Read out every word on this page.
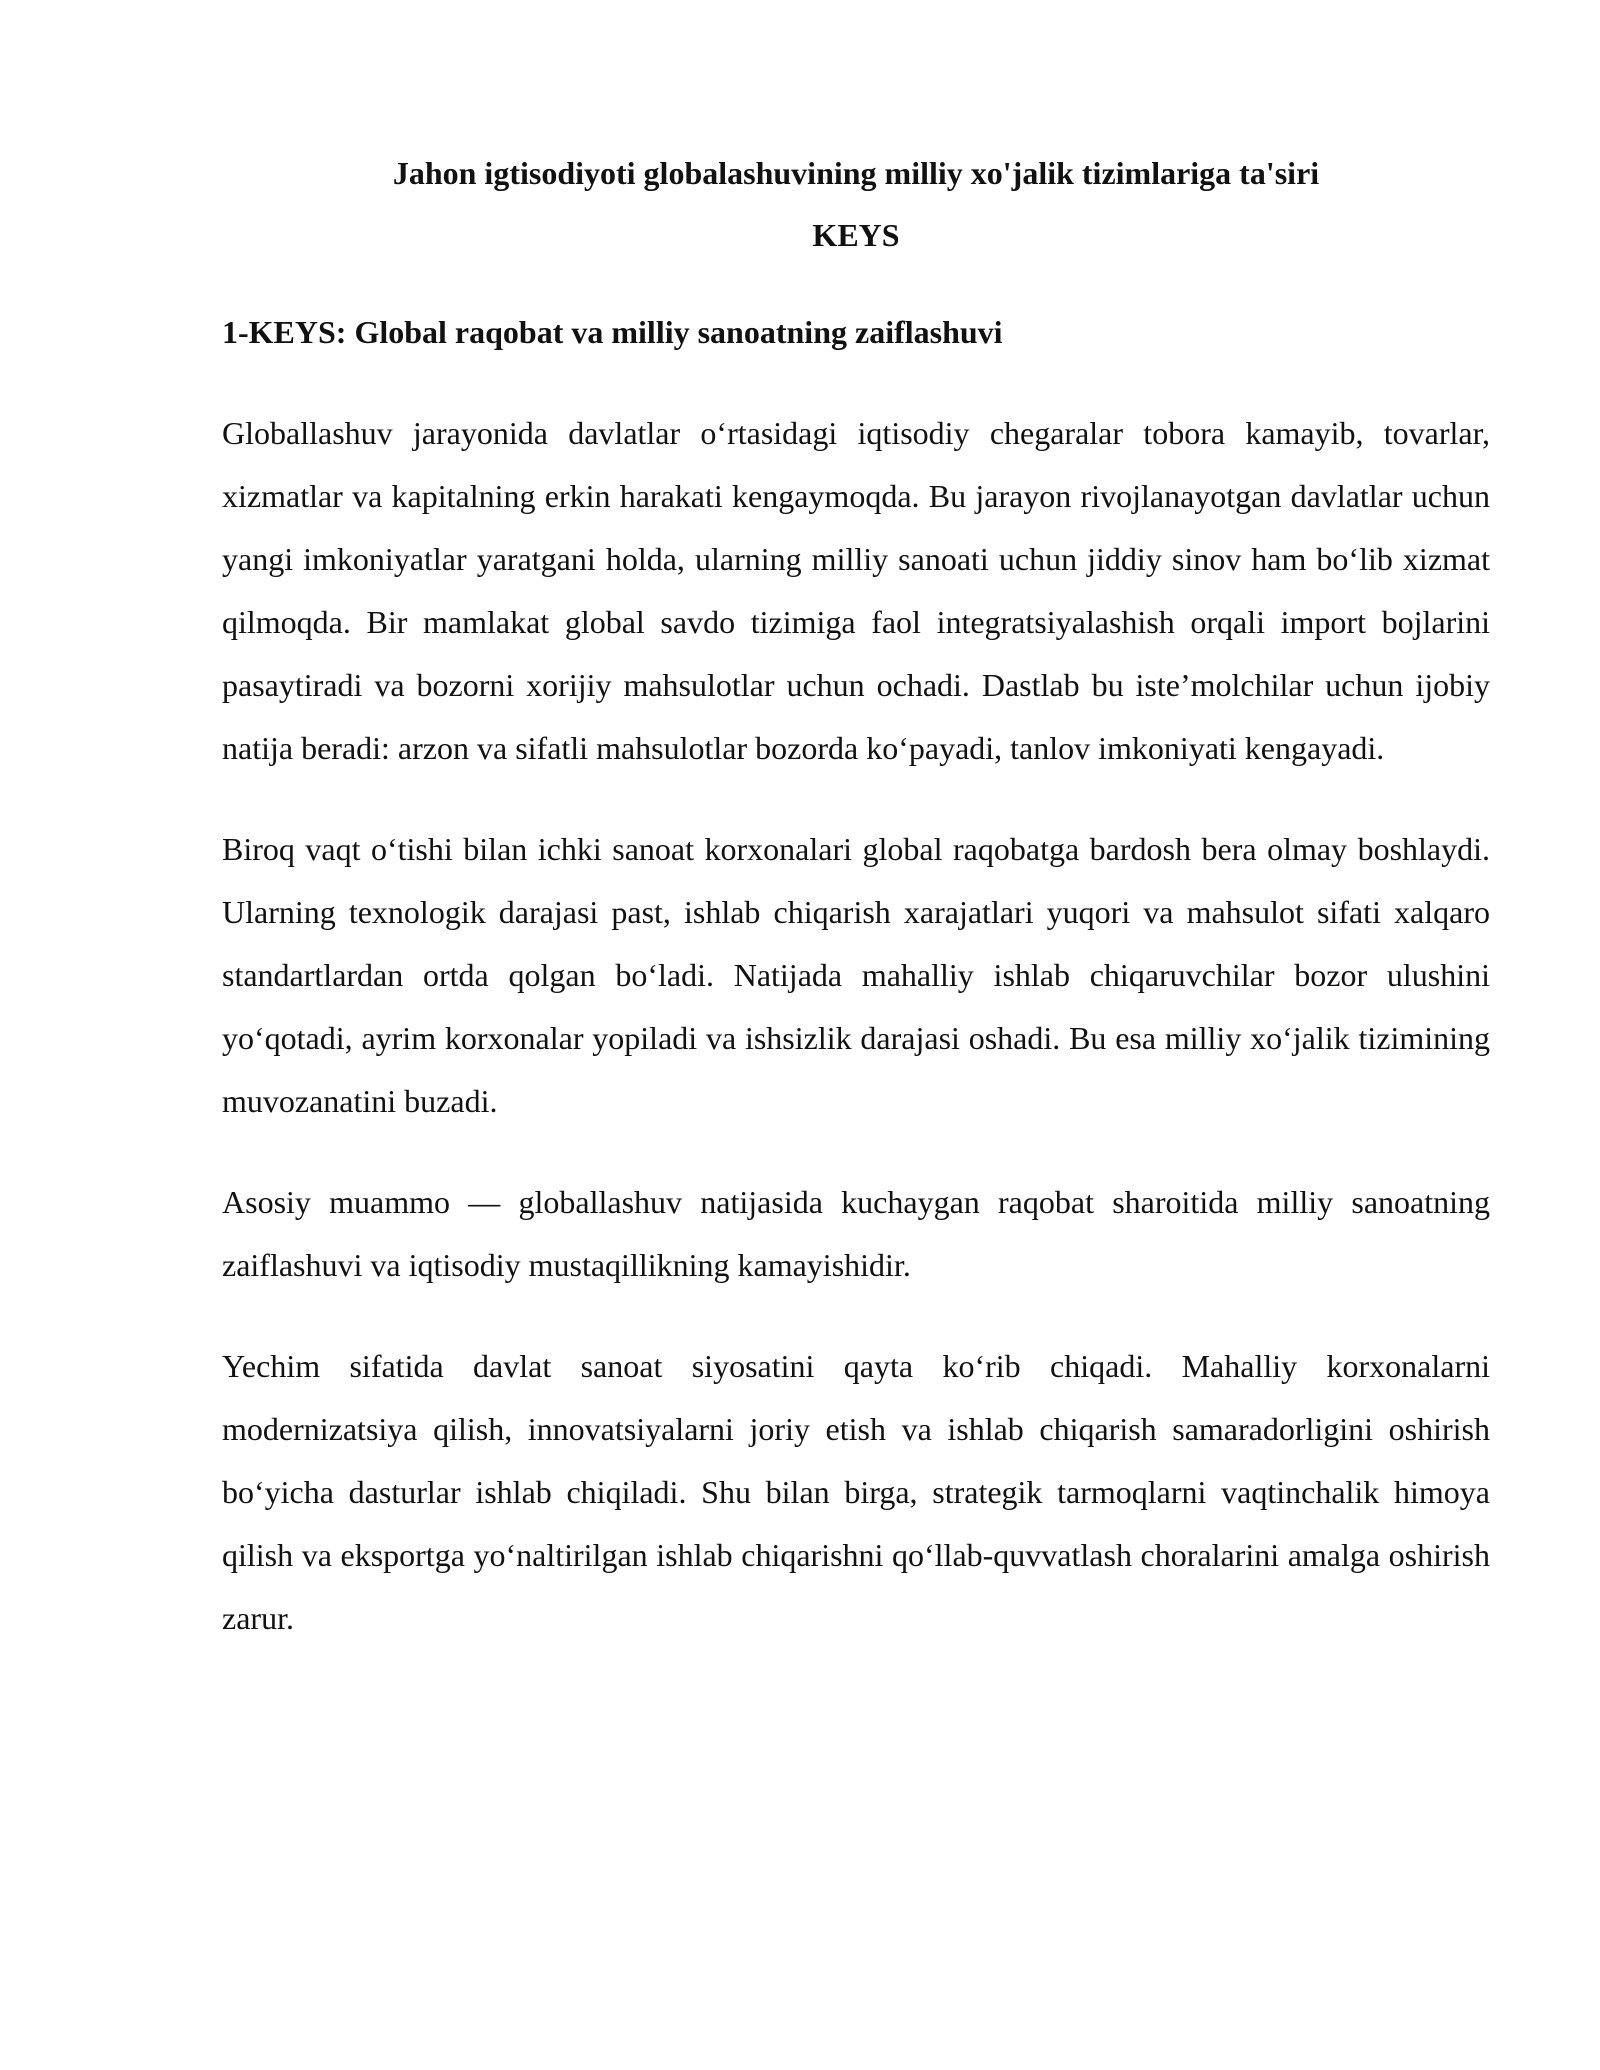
Jahon igtisodiyoti globalashuvining milliy xo'jalik tizimlariga ta'siri

KEYS

1-KEYS: Global raqobat va milliy sanoatning zaiflashuvi

Globallashuv jarayonida davlatlar o‘rtasidagi iqtisodiy chegaralar tobora kamayib, tovarlar, xizmatlar va kapitalning erkin harakati kengaymoqda. Bu jarayon rivojlanayotgan davlatlar uchun yangi imkoniyatlar yaratgani holda, ularning milliy sanoati uchun jiddiy sinov ham bo‘lib xizmat qilmoqda. Bir mamlakat global savdo tizimiga faol integratsiyalashish orqali import bojlarini pasaytiradi va bozorni xorijiy mahsulotlar uchun ochadi. Dastlab bu iste’molchilar uchun ijobiy natija beradi: arzon va sifatli mahsulotlar bozorda ko‘payadi, tanlov imkoniyati kengayadi.

Biroq vaqt o‘tishi bilan ichki sanoat korxonalari global raqobatga bardosh bera olmay boshlaydi. Ularning texnologik darajasi past, ishlab chiqarish xarajatlari yuqori va mahsulot sifati xalqaro standartlardan ortda qolgan bo‘ladi. Natijada mahalliy ishlab chiqaruvchilar bozor ulushini yo‘qotadi, ayrim korxonalar yopiladi va ishsizlik darajasi oshadi. Bu esa milliy xo‘jalik tizimining muvozanatini buzadi.

Asosiy muammo — globallashuv natijasida kuchaygan raqobat sharoitida milliy sanoatning zaiflashuvi va iqtisodiy mustaqillikning kamayishidir.

Yechim sifatida davlat sanoat siyosatini qayta ko‘rib chiqadi. Mahalliy korxonalarni modernizatsiya qilish, innovatsiyalarni joriy etish va ishlab chiqarish samaradorligini oshirish bo‘yicha dasturlar ishlab chiqiladi. Shu bilan birga, strategik tarmoqlarni vaqtinchalik himoya qilish va eksportga yo‘naltirilgan ishlab chiqarishni qo‘llab-quvvatlash choralarini amalga oshirish zarur.
